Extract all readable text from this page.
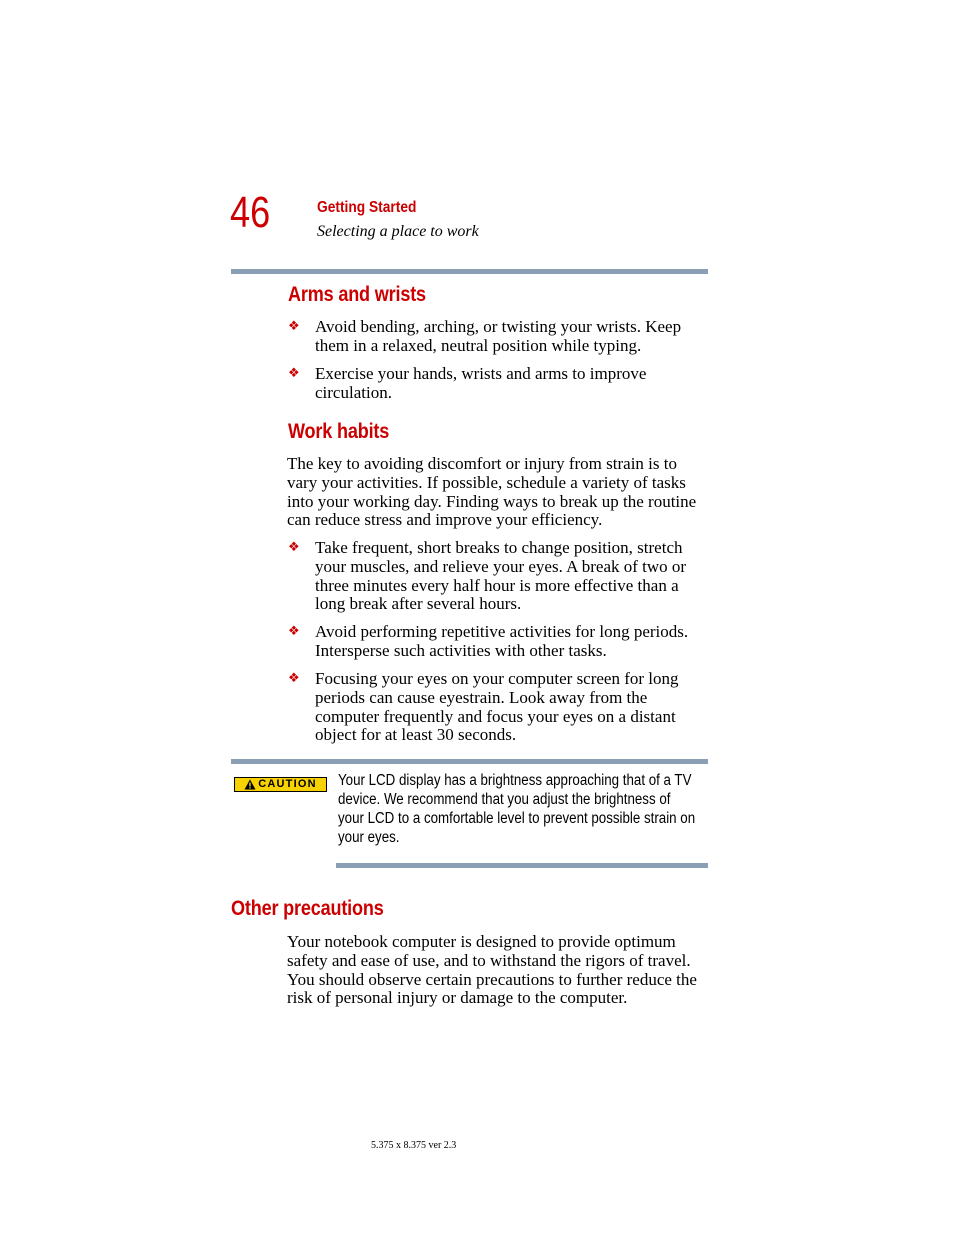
46	Getting Started
Selecting a place to work
Arms and wrists
❖ Avoid bending, arching, or twisting your wrists. Keep them in a relaxed, neutral position while typing.

❖ Exercise your hands, wrists and arms to improve circulation.

Work habits

The key to avoiding discomfort or injury from strain is to vary your activities. If possible, schedule a variety of tasks into your working day. Finding ways to break up the routine can reduce stress and improve your efficiency.

❖ Take frequent, short breaks to change position, stretch your muscles, and relieve your eyes. A break of two or three minutes every half hour is more effective than a long break after several hours.

❖ Avoid performing repetitive activities for long periods. Intersperse such activities with other tasks.

❖ Focusing your eyes on your computer screen for long periods can cause eyestrain. Look away from the computer frequently and focus your eyes on a distant object for at least 30 seconds.

CAUTION Your LCD display has a brightness approaching that of a TV device. We recommend that you adjust the brightness of your LCD to a comfortable level to prevent possible strain on your eyes.

Other precautions

Your notebook computer is designed to provide optimum safety and ease of use, and to withstand the rigors of travel. You should observe certain precautions to further reduce the risk of personal injury or damage to the computer.

5.375 x 8.375 ver 2.3
